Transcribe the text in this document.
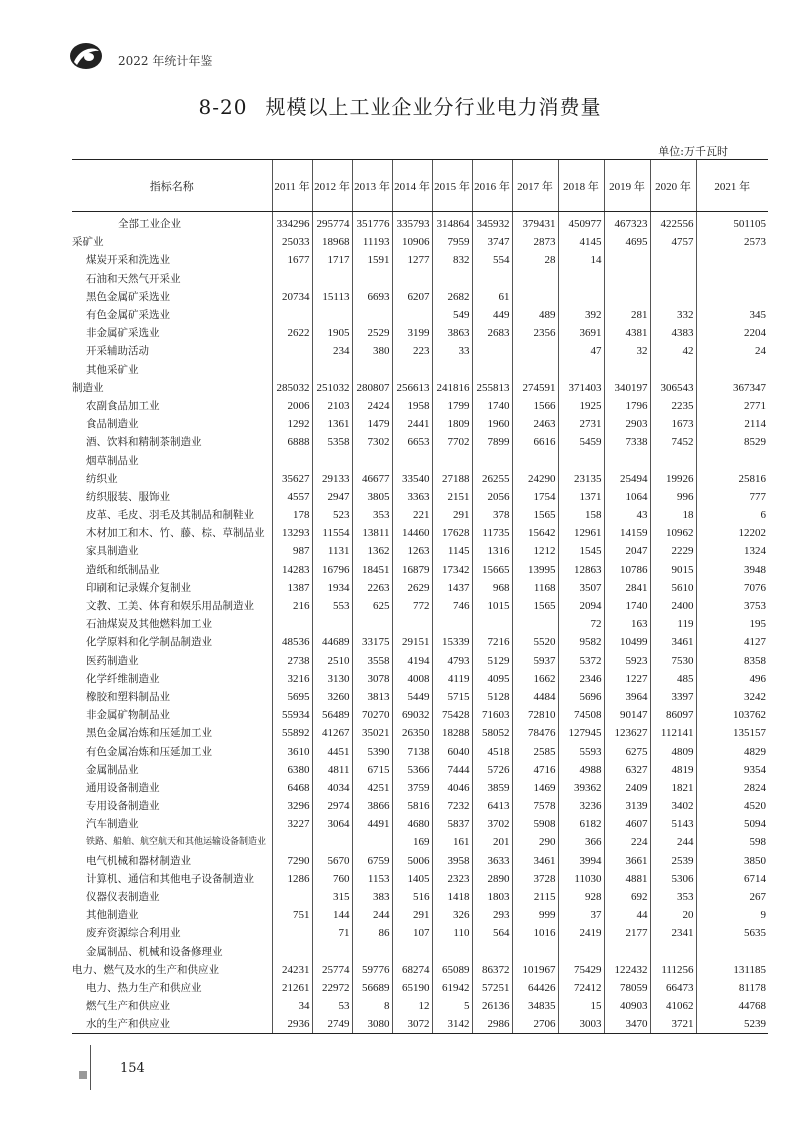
2022 年统计年鉴
8-20 规模以上工业企业分行业电力消费量
单位:万千瓦时
指标名称	2011 年	2012 年	2013 年	2014 年	2015 年	2016 年	2017 年	2018 年	2019 年	2020 年	2021 年

全部工业企业	334296	295774	351776	335793	314864	345932	379431	450977	467323	422556	501105
采矿业	25033	18968	11193	10906	7959	3747	2873	4145	4695	4757	2573
煤炭开采和洗选业	1677	1717	1591	1277	832	554	28	14			
石油和天然气开采业											
黑色金属矿采选业	20734	15113	6693	6207	2682	61					
有色金属矿采选业					549	449	489	392	281	332	345
非金属矿采选业	2622	1905	2529	3199	3863	2683	2356	3691	4381	4383	2204
开采辅助活动		234	380	223	33			47	32	42	24
其他采矿业											
制造业	285032	251032	280807	256613	241816	255813	274591	371403	340197	306543	367347
农副食品加工业	2006	2103	2424	1958	1799	1740	1566	1925	1796	2235	2771
食品制造业	1292	1361	1479	2441	1809	1960	2463	2731	2903	1673	2114
酒、饮料和精制茶制造业	6888	5358	7302	6653	7702	7899	6616	5459	7338	7452	8529
烟草制品业											
纺织业	35627	29133	46677	33540	27188	26255	24290	23135	25494	19926	25816
纺织服装、服饰业	4557	2947	3805	3363	2151	2056	1754	1371	1064	996	777
皮革、毛皮、羽毛及其制品和制鞋业	178	523	353	221	291	378	1565	158	43	18	6
木材加工和木、竹、藤、棕、草制品业	13293	11554	13811	14460	17628	11735	15642	12961	14159	10962	12202
家具制造业	987	1131	1362	1263	1145	1316	1212	1545	2047	2229	1324
造纸和纸制品业	14283	16796	18451	16879	17342	15665	13995	12863	10786	9015	3948
印刷和记录媒介复制业	1387	1934	2263	2629	1437	968	1168	3507	2841	5610	7076
文教、工美、体育和娱乐用品制造业	216	553	625	772	746	1015	1565	2094	1740	2400	3753
石油煤炭及其他燃料加工业								72	163	119	195
化学原料和化学制品制造业	48536	44689	33175	29151	15339	7216	5520	9582	10499	3461	4127
医药制造业	2738	2510	3558	4194	4793	5129	5937	5372	5923	7530	8358
化学纤维制造业	3216	3130	3078	4008	4119	4095	1662	2346	1227	485	496
橡胶和塑料制品业	5695	3260	3813	5449	5715	5128	4484	5696	3964	3397	3242
非金属矿物制品业	55934	56489	70270	69032	75428	71603	72810	74508	90147	86097	103762
黑色金属冶炼和压延加工业	55892	41267	35021	26350	18288	58052	78476	127945	123627	112141	135157
有色金属冶炼和压延加工业	3610	4451	5390	7138	6040	4518	2585	5593	6275	4809	4829
金属制品业	6380	4811	6715	5366	7444	5726	4716	4988	6327	4819	9354
通用设备制造业	6468	4034	4251	3759	4046	3859	1469	39362	2409	1821	2824
专用设备制造业	3296	2974	3866	5816	7232	6413	7578	3236	3139	3402	4520
汽车制造业	3227	3064	4491	4680	5837	3702	5908	6182	4607	5143	5094
铁路、船舶、航空航天和其他运输设备制造业				169	161	201	290	366	224	244	598
电气机械和器材制造业	7290	5670	6759	5006	3958	3633	3461	3994	3661	2539	3850
计算机、通信和其他电子设备制造业	1286	760	1153	1405	2323	2890	3728	11030	4881	5306	6714
仪器仪表制造业		315	383	516	1418	1803	2115	928	692	353	267
其他制造业	751	144	244	291	326	293	999	37	44	20	9
废弃资源综合利用业		71	86	107	110	564	1016	2419	2177	2341	5635
金属制品、机械和设备修理业											
电力、燃气及水的生产和供应业	24231	25774	59776	68274	65089	86372	101967	75429	122432	111256	131185
电力、热力生产和供应业	21261	22972	56689	65190	61942	57251	64426	72412	78059	66473	81178
燃气生产和供应业	34	53	8	12	5	26136	34835	15	40903	41062	44768
水的生产和供应业	2936	2749	3080	3072	3142	2986	2706	3003	3470	3721	5239
154
